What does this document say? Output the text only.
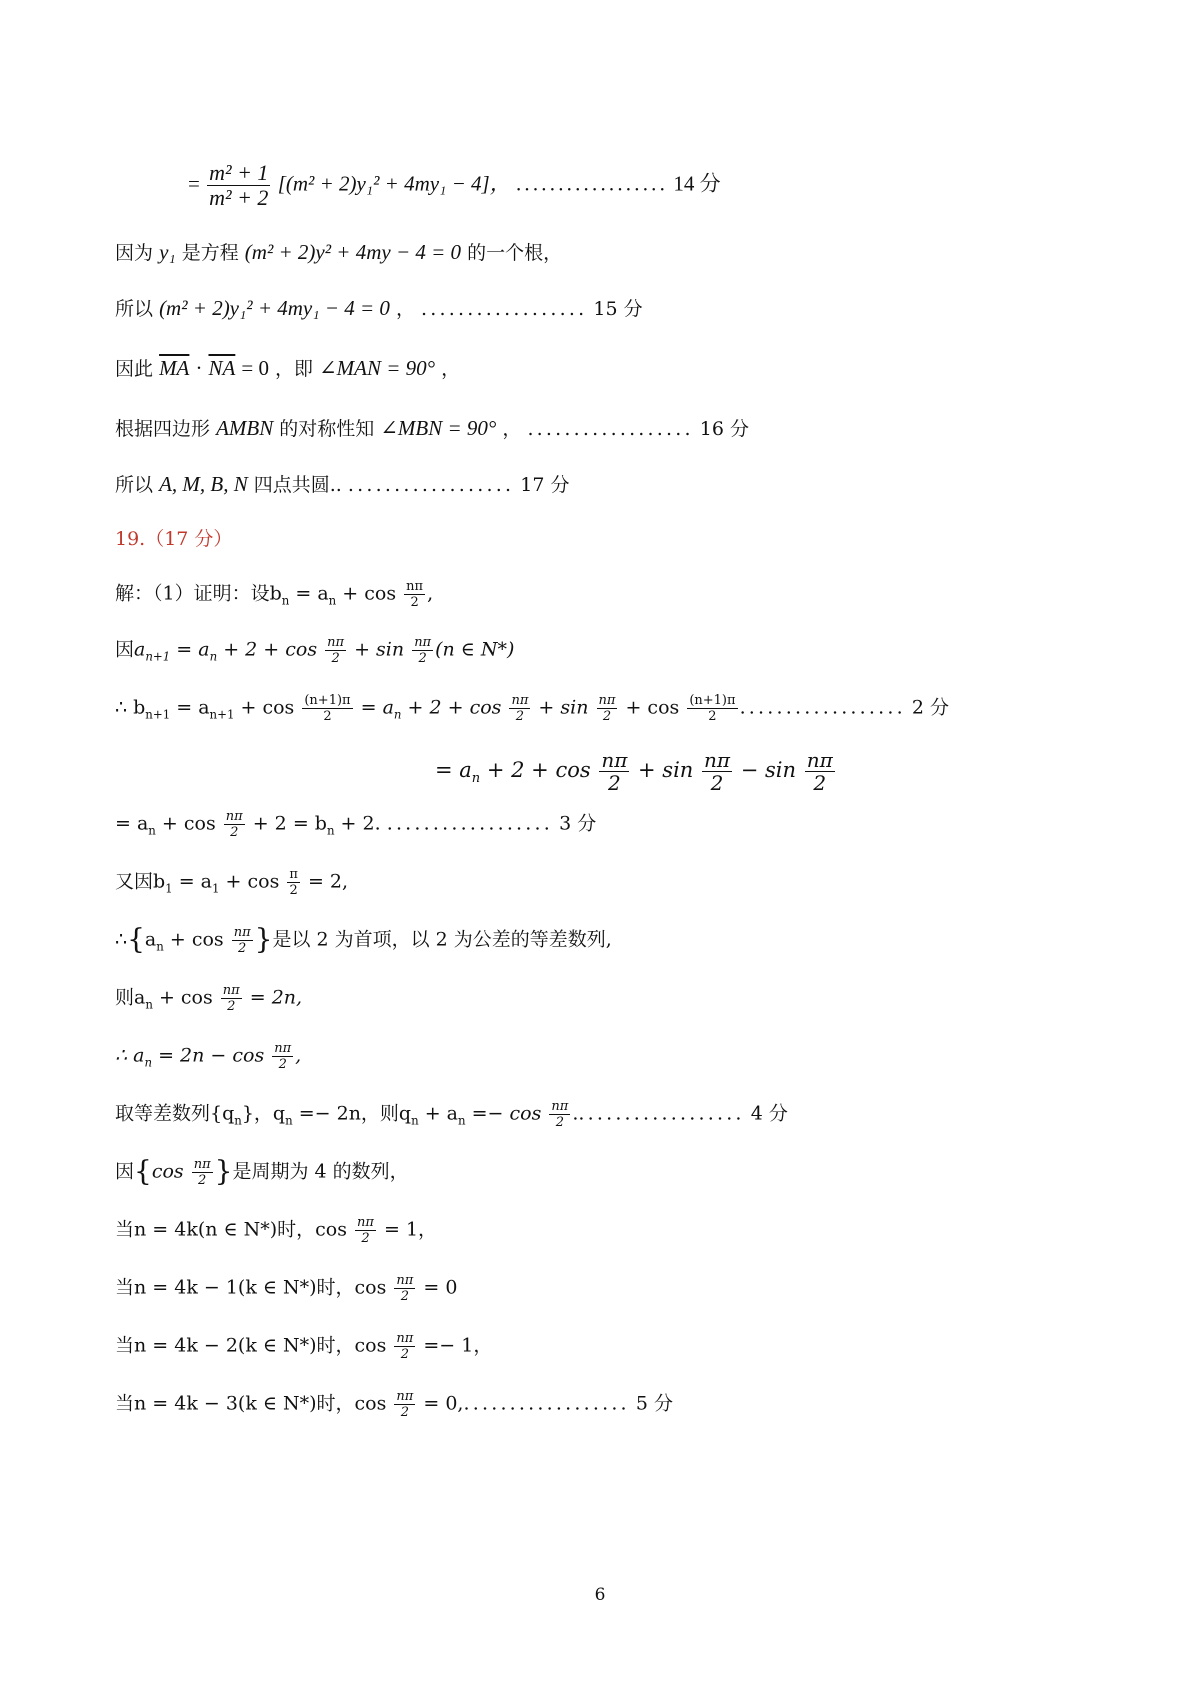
= $\frac{\text{m² + 1}}{\text{m² + 2}} [(m^2 + 2)y_1^2 + 4my_1 - 4]$， .................. 14 分
因为 y₁ 是方程 (m² + 2)y² + 4my − 4 = 0 的一个根，
所以 (m² + 2)y₁² + 4my₁ − 4 = 0 ， .................. 15 分
因此 $\overline{MA} \cdot \overline{NA} = 0$ ，即 ∠MAN = 90° ，
根据四边形 AMBN 的对称性知 ∠MBN = 90° ， .................. 16 分
所以 A, M, B, N 四点共圆.. .................. 17 分
19.（17 分）
解：（1）证明：设$b_n = a_n + \cos \frac{n\pi}{2}$ ,
因$a_{n+1} = a_n + 2 + \cos \frac{n\pi}{2} + \sin \frac{n\pi}{2} (n$ ∈ N*)
∴ $b_{n+1} = a_{n+1} + \cos \frac{(n+1)\pi}{2} = a_n + 2 + \cos \frac{n\pi}{2} + \sin \frac{n\pi}{2} + \cos \frac{(n+1)\pi}{2}$ .................. 2 分
= $a_n + 2 + \cos \frac{n\pi}{2} + \sin \frac{n\pi}{2} - \sin \frac{n\pi}{2}$
= $a_n + \cos \frac{n\pi}{2} + 2 = b_n + 2$. .................. 3 分
又因$b_1 = a_1 + \cos \frac{\pi}{2} = 2$,
$\therefore\{a_n + \cos \frac{n\pi}{2}$ }是以 2 为首项，以 2 为公差的等差数列,
则$a_n + \cos \frac{n\pi}{2} = 2n$,
∴ $a_n = 2n - \cos \frac{n\pi}{2}$ ,
取等差数列$\{q_n\}$，$q_n =- 2n$，则$q_n + a_n =- \cos \frac{n\pi}{2}$ ................... 4 分
因{$\cos \frac{n\pi}{2}$ }是周期为 4 的数列，
当n = 4k(n ∈ N*)时，$\cos \frac{n\pi}{2} = 1$，
当n = 4k − 1(k ∈ N*)时，$\cos \frac{n\pi}{2} = 0$
当n = 4k − 2(k ∈ N*)时，$\cos \frac{n\pi}{2} =- 1$，
当n = 4k − 3(k ∈ N*)时，$\cos \frac{n\pi}{2} = 0$,.................. 5 分
6
